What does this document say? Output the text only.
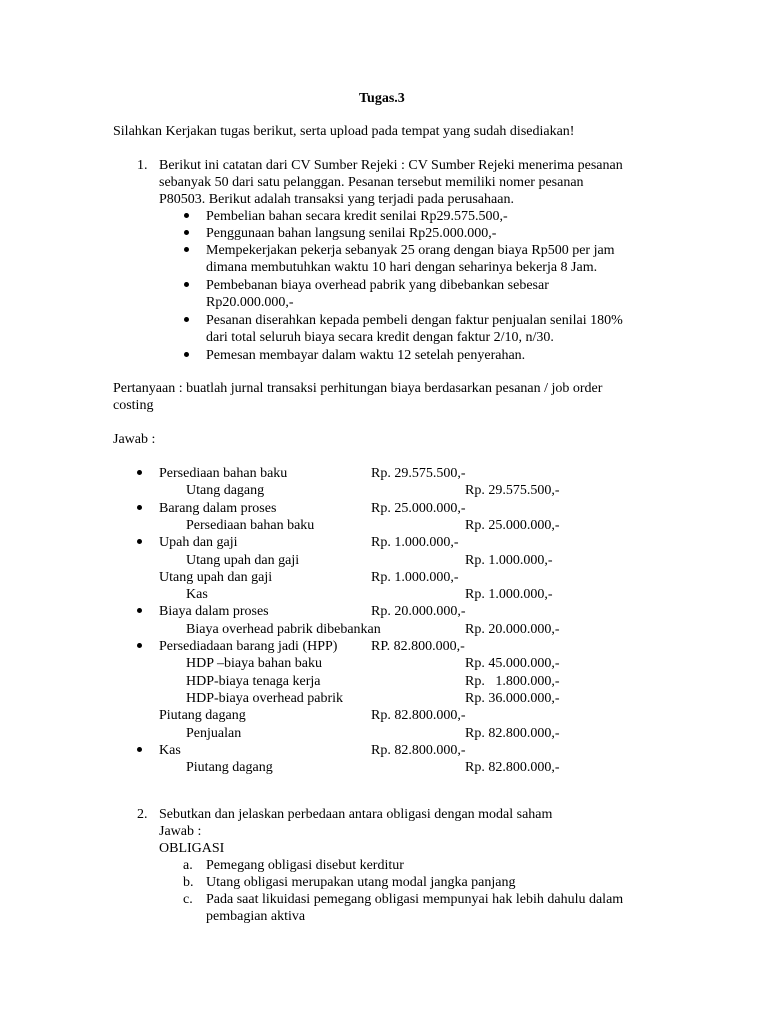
Tugas.3
Silahkan Kerjakan tugas berikut, serta upload pada tempat yang sudah disediakan!
1. Berikut ini catatan dari CV Sumber Rejeki : CV Sumber Rejeki menerima pesanan
sebanyak 50 dari satu pelanggan. Pesanan tersebut memiliki nomer pesanan
P80503. Berikut adalah transaksi yang terjadi pada perusahaan.
Pembelian bahan secara kredit senilai Rp29.575.500,-
Penggunaan bahan langsung senilai Rp25.000.000,-
Mempekerjakan pekerja sebanyak 25 orang dengan biaya Rp500 per jam
dimana membutuhkan waktu 10 hari dengan seharinya bekerja 8 Jam.
Pembebanan biaya overhead pabrik yang dibebankan sebesar
Rp20.000.000,-
Pesanan diserahkan kepada pembeli dengan faktur penjualan senilai 180%
dari total seluruh biaya secara kredit dengan faktur 2/10, n/30.
Pemesan membayar dalam waktu 12 setelah penyerahan.
Pertanyaan : buatlah jurnal transaksi perhitungan biaya berdasarkan pesanan / job order
costing
Jawab :
Persediaan bahan baku	Rp. 29.575.500,-
Utang dagang	Rp. 29.575.500,-
Barang dalam proses	Rp. 25.000.000,-
Persediaan bahan baku	Rp. 25.000.000,-
Upah dan gaji	Rp. 1.000.000,-
Utang upah dan gaji	Rp. 1.000.000,-
Utang upah dan gaji	Rp. 1.000.000,-
Kas	Rp. 1.000.000,-
Biaya dalam proses	Rp. 20.000.000,-
Biaya overhead pabrik dibebankan	Rp. 20.000.000,-
Persediadaan barang jadi (HPP) RP. 82.800.000,-
HDP –biaya bahan baku	Rp. 45.000.000,-
HDP-biaya tenaga kerja	Rp.   1.800.000,-
HDP-biaya overhead pabrik	Rp. 36.000.000,-
Piutang dagang	Rp. 82.800.000,-
Penjualan	Rp. 82.800.000,-
Kas	Rp. 82.800.000,-
Piutang dagang	Rp. 82.800.000,-
2. Sebutkan dan jelaskan perbedaan antara obligasi dengan modal saham
Jawab :
OBLIGASI
a. Pemegang obligasi disebut kerditur
b. Utang obligasi merupakan utang modal jangka panjang
c. Pada saat likuidasi pemegang obligasi mempunyai hak lebih dahulu dalam
pembagian aktiva
